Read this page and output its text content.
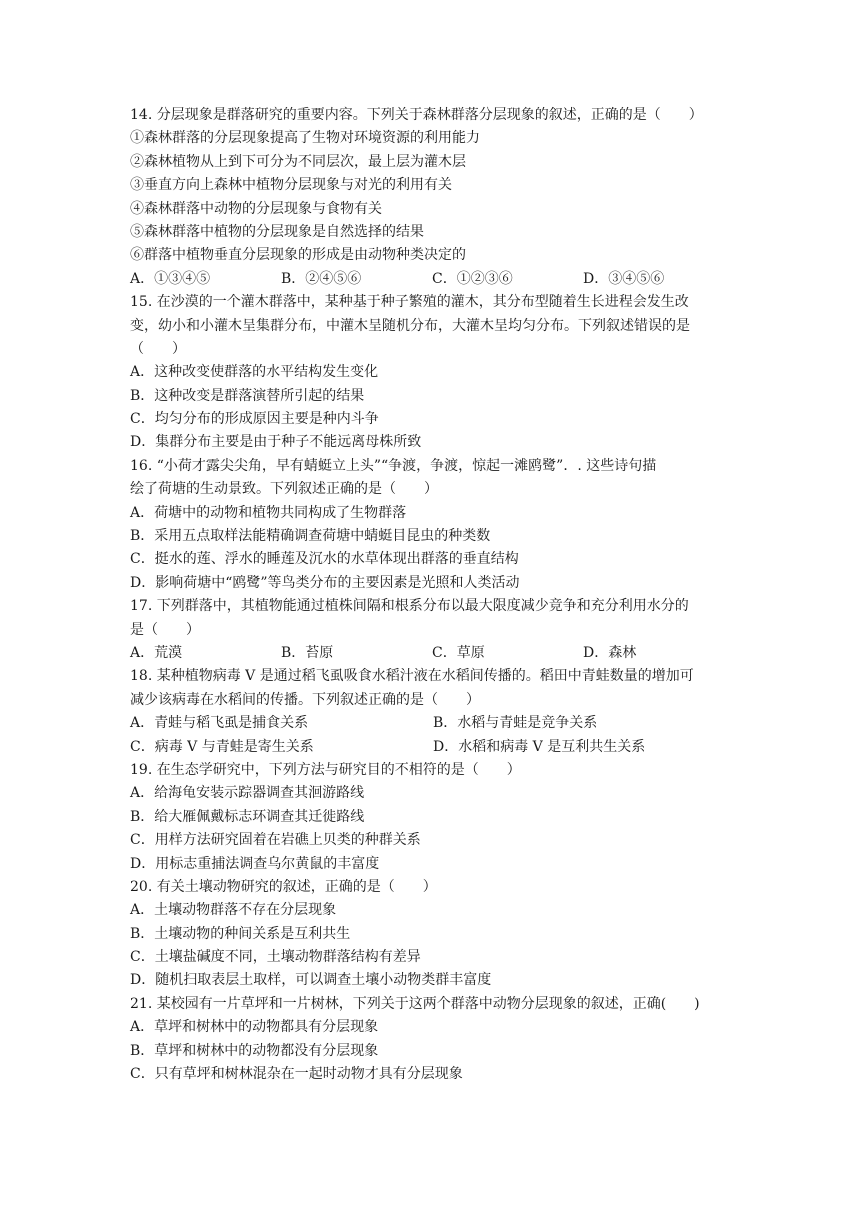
14. 分层现象是群落研究的重要内容。下列关于森林群落分层现象的叙述，正确的是（　　）
①森林群落的分层现象提高了生物对环境资源的利用能力
②森林植物从上到下可分为不同层次，最上层为灌木层
③垂直方向上森林中植物分层现象与对光的利用有关
④森林群落中动物的分层现象与食物有关
⑤森林群落中植物的分层现象是自然选择的结果
⑥群落中植物垂直分层现象的形成是由动物种类决定的
A．①③④⑤	B．②④⑤⑥	C．①②③⑥	D．③④⑤⑥
15. 在沙漠的一个灌木群落中，某种基于种子繁殖的灌木，其分布型随着生长进程会发生改
变，幼小和小灌木呈集群分布，中灌木呈随机分布，大灌木呈均匀分布。下列叙述错误的是
（　　）
A．这种改变使群落的水平结构发生变化
B．这种改变是群落演替所引起的结果
C．均匀分布的形成原因主要是种内斗争
D．集群分布主要是由于种子不能远离母株所致
16. “小荷才露尖尖角，早有蜻蜓立上头”“争渡，争渡，惊起一滩鸥鹭”．. 这些诗句描
绘了荷塘的生动景致。下列叙述正确的是（　　）
A．荷塘中的动物和植物共同构成了生物群落
B．采用五点取样法能精确调查荷塘中蜻蜓目昆虫的种类数
C．挺水的莲、浮水的睡莲及沉水的水草体现出群落的垂直结构
D．影响荷塘中“鸥鹭”等鸟类分布的主要因素是光照和人类活动
17. 下列群落中，其植物能通过植株间隔和根系分布以最大限度减少竞争和充分利用水分的
是（　　）
A．荒漠	B．苔原	C．草原	D．森林
18. 某种植物病毒 V 是通过稻飞虱吸食水稻汁液在水稻间传播的。稻田中青蛙数量的增加可
减少该病毒在水稻间的传播。下列叙述正确的是（　　）
A．青蛙与稻飞虱是捕食关系	B．水稻与青蛙是竞争关系
C．病毒 V 与青蛙是寄生关系	D．水稻和病毒 V 是互利共生关系
19. 在生态学研究中，下列方法与研究目的不相符的是（　　）
A．给海龟安装示踪器调查其洄游路线
B．给大雁佩戴标志环调查其迁徙路线
C．用样方法研究固着在岩礁上贝类的种群关系
D．用标志重捕法调查乌尔黄鼠的丰富度
20. 有关土壤动物研究的叙述，正确的是（　　）
A．土壤动物群落不存在分层现象
B．土壤动物的种间关系是互利共生
C．土壤盐碱度不同，土壤动物群落结构有差异
D．随机扫取表层土取样，可以调查土壤小动物类群丰富度
21. 某校园有一片草坪和一片树林，下列关于这两个群落中动物分层现象的叙述，正确(　　)
A．草坪和树林中的动物都具有分层现象
B．草坪和树林中的动物都没有分层现象
C．只有草坪和树林混杂在一起时动物才具有分层现象
